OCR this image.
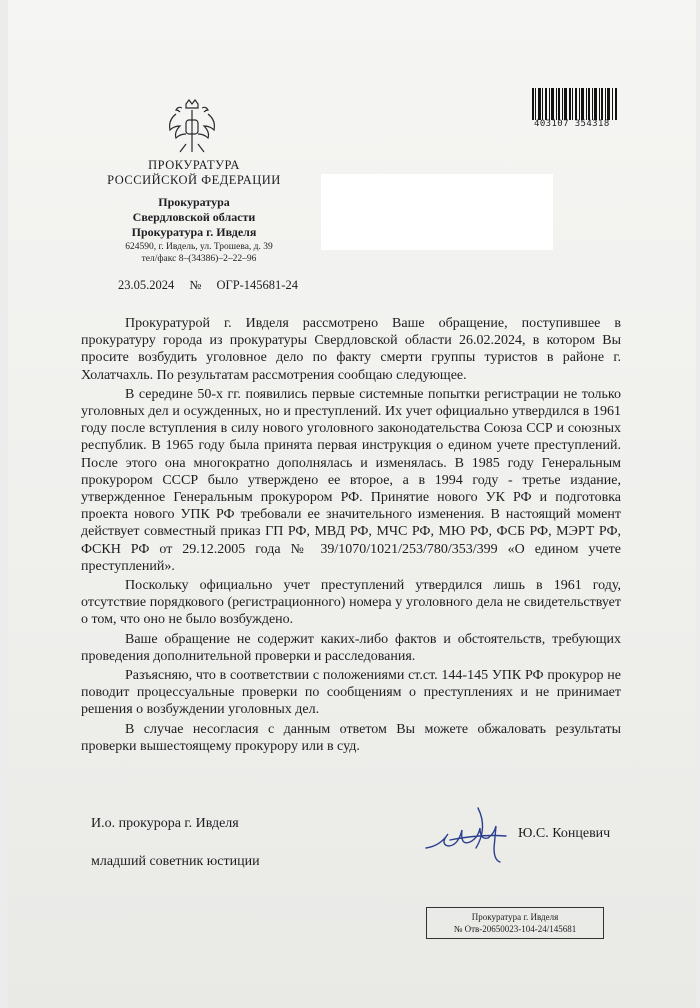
ПРОКУРАТУРА
РОССИЙСКОЙ ФЕДЕРАЦИИ
Прокуратура
Свердловской области
Прокуратура г. Ивделя
624590, г. Ивдель, ул. Трошева, д. 39
тел/факс 8–(34386)–2–22–96
23.05.2024 № ОГР-145681-24
403107 354318

Прокуратурой г. Ивделя рассмотрено Ваше обращение, поступившее в прокуратуру города из прокуратуры Свердловской области 26.02.2024, в котором Вы просите возбудить уголовное дело по факту смерти группы туристов в районе г. Холатчахль. По результатам рассмотрения сообщаю следующее.

В середине 50-х гг. появились первые системные попытки регистрации не только уголовных дел и осужденных, но и преступлений. Их учет официально утвердился в 1961 году после вступления в силу нового уголовного законодательства Союза ССР и союзных республик. В 1965 году была принята первая инструкция о едином учете преступлений. После этого она многократно дополнялась и изменялась. В 1985 году Генеральным прокурором СССР было утверждено ее второе, а в 1994 году - третье издание, утвержденное Генеральным прокурором РФ. Принятие нового УК РФ и подготовка проекта нового УПК РФ требовали ее значительного изменения. В настоящий момент действует совместный приказ ГП РФ, МВД РФ, МЧС РФ, МЮ РФ, ФСБ РФ, МЭРТ РФ, ФСКН РФ от 29.12.2005 года № 39/1070/1021/253/780/353/399 «О едином учете преступлений».

Поскольку официально учет преступлений утвердился лишь в 1961 году, отсутствие порядкового (регистрационного) номера у уголовного дела не свидетельствует о том, что оно не было возбуждено.

Ваше обращение не содержит каких-либо фактов и обстоятельств, требующих проведения дополнительной проверки и расследования.

Разъясняю, что в соответствии с положениями ст.ст. 144-145 УПК РФ прокурор не поводит процессуальные проверки по сообщениям о преступлениях и не принимает решения о возбуждении уголовных дел.

В случае несогласия с данным ответом Вы можете обжаловать результаты проверки вышестоящему прокурору или в суд.

И.о. прокурора г. Ивделя
младший советник юстиции
Ю.С. Концевич
Прокуратура г. Ивделя
№ Отв-20650023-104-24/145681
